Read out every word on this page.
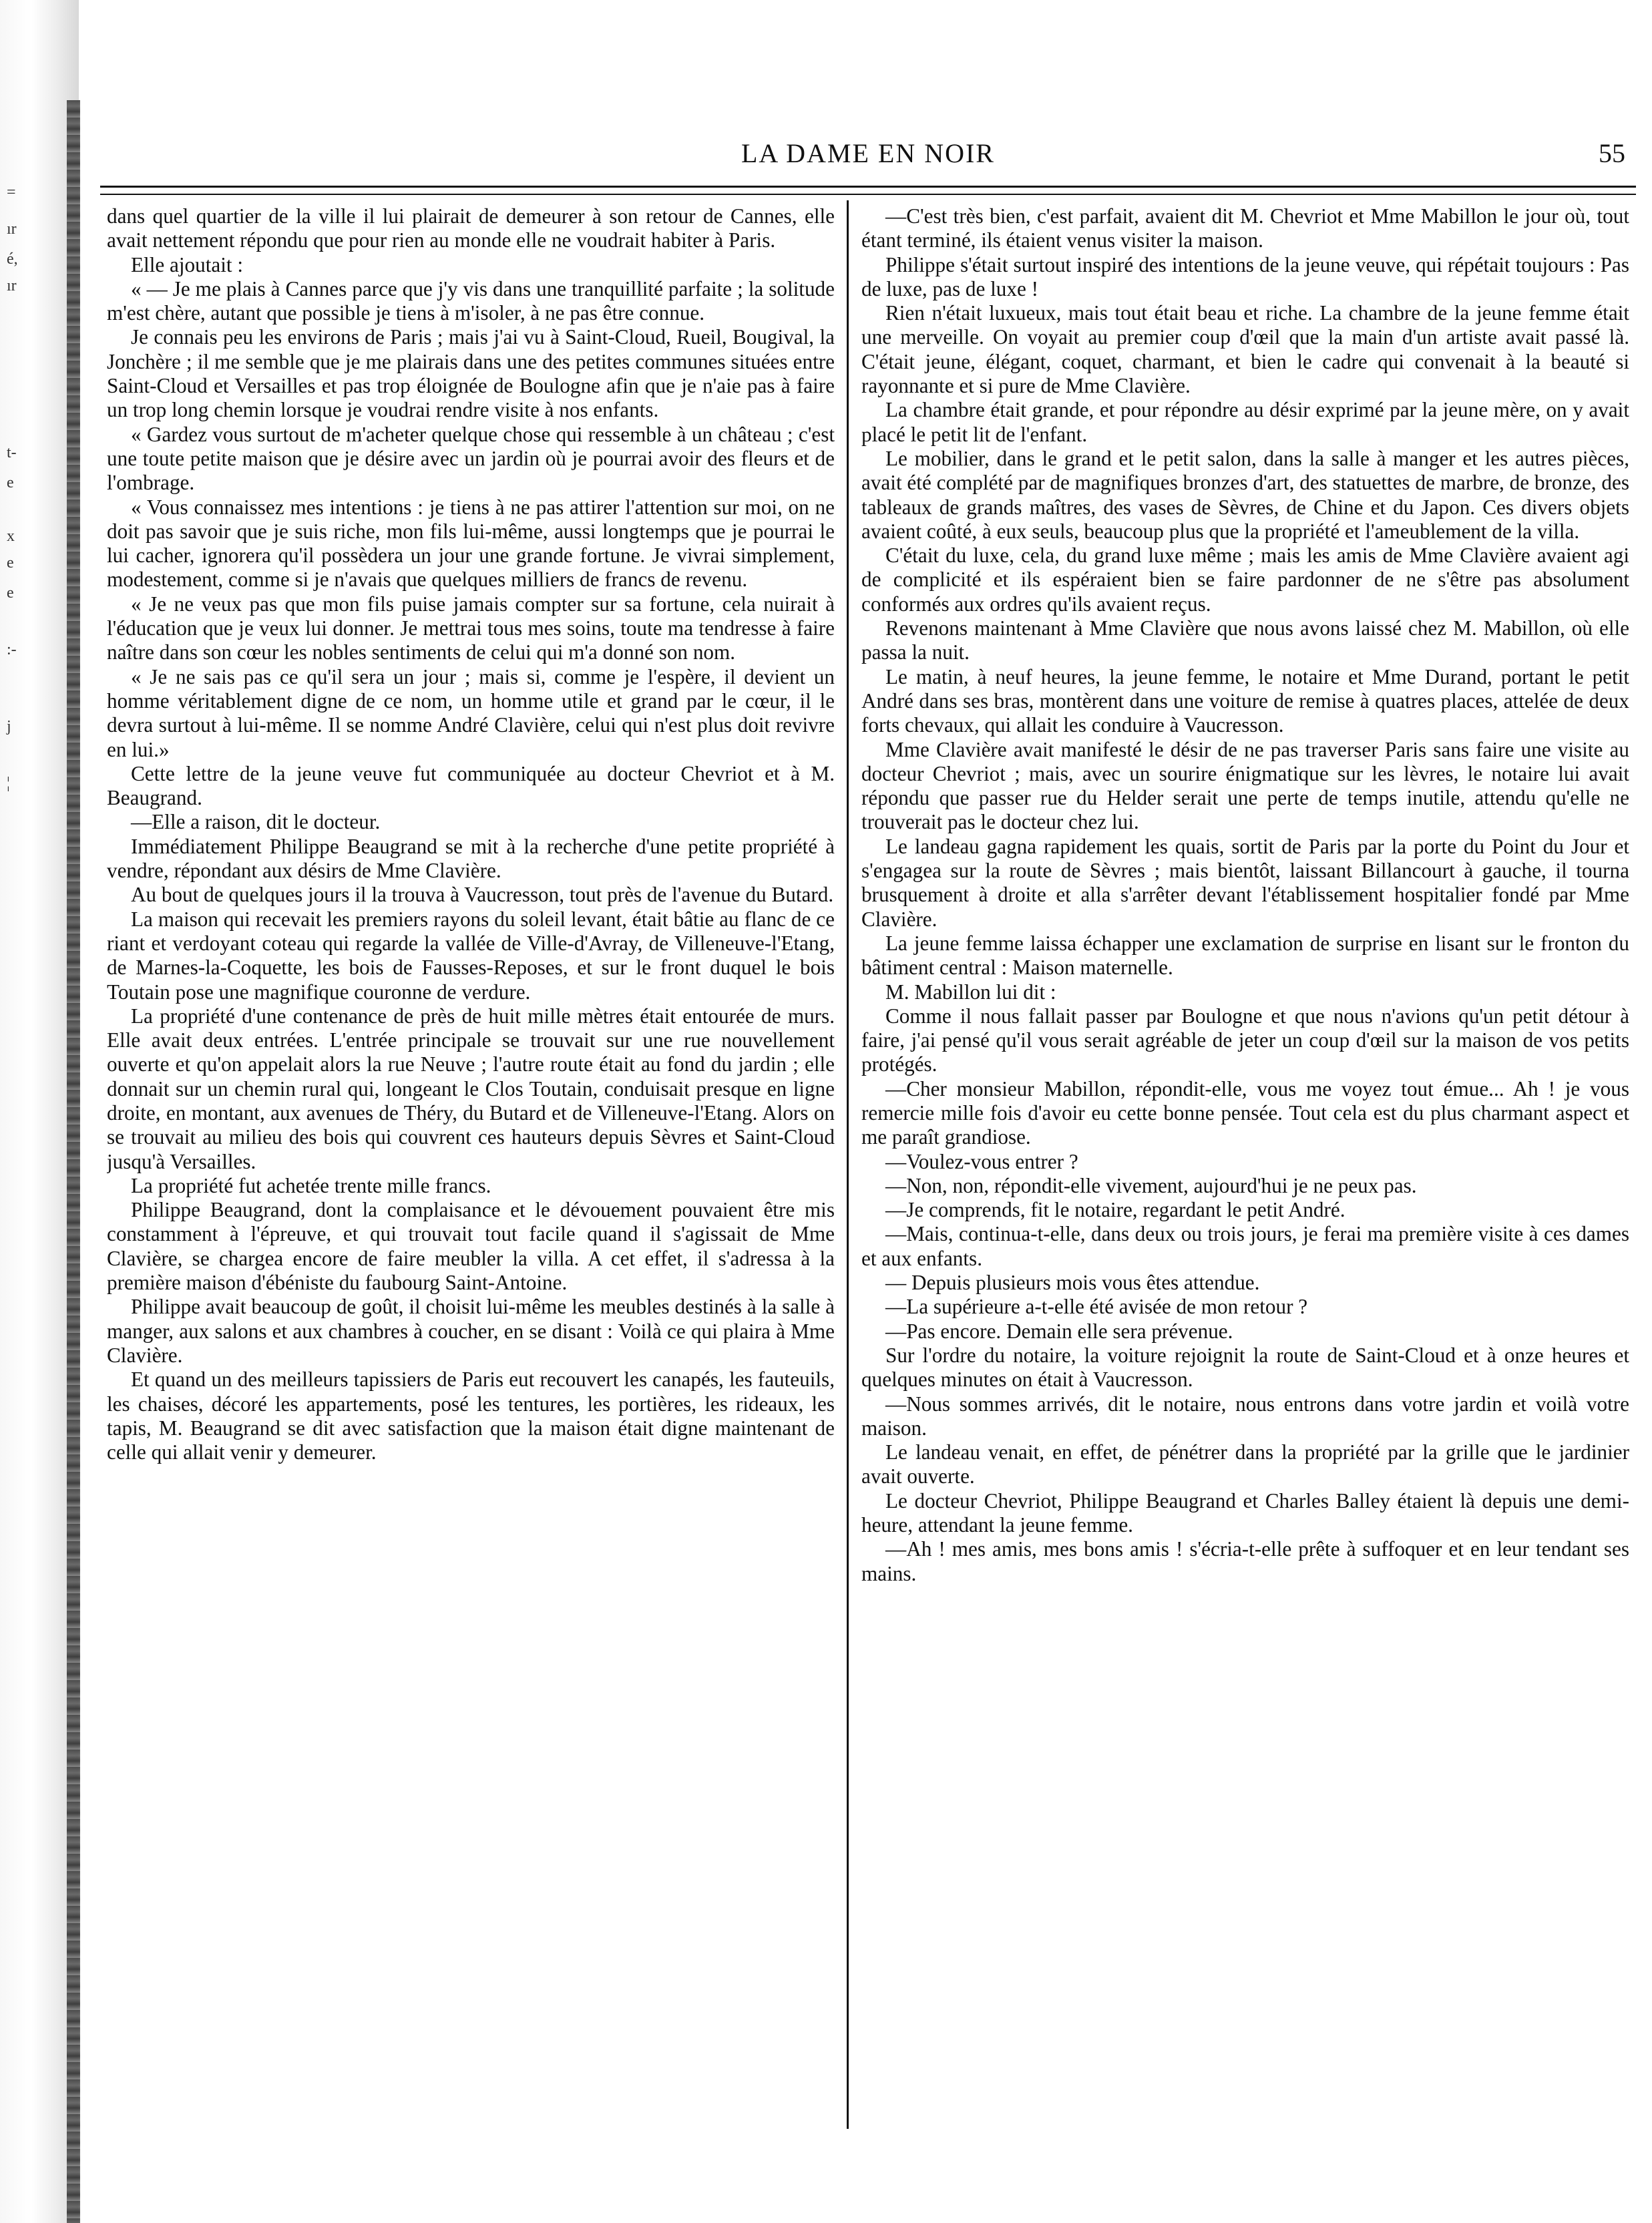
=
ır
é,
ır
t-
e
x
e
e
:-
j
¦
LA DAME EN NOIR	55

dans quel quartier de la ville il lui plairait de demeurer à son retour de Cannes, elle avait nettement répondu que pour rien au monde elle ne voudrait habiter à Paris.

Elle ajoutait :

« — Je me plais à Cannes parce que j'y vis dans une tranquillité parfaite ; la solitude m'est chère, autant que possible je tiens à m'isoler, à ne pas être connue.

Je connais peu les environs de Paris ; mais j'ai vu à Saint-Cloud, Rueil, Bougival, la Jonchère ; il me semble que je me plairais dans une des petites communes situées entre Saint-Cloud et Versailles et pas trop éloignée de Boulogne afin que je n'aie pas à faire un trop long chemin lorsque je voudrai rendre visite à nos enfants.

« Gardez vous surtout de m'acheter quelque chose qui ressemble à un château ; c'est une toute petite maison que je désire avec un jardin où je pourrai avoir des fleurs et de l'ombrage.

« Vous connaissez mes intentions : je tiens à ne pas attirer l'attention sur moi, on ne doit pas savoir que je suis riche, mon fils lui-même, aussi longtemps que je pourrai le lui cacher, ignorera qu'il possèdera un jour une grande fortune. Je vivrai simplement, modestement, comme si je n'avais que quelques milliers de francs de revenu.

« Je ne veux pas que mon fils puise jamais compter sur sa fortune, cela nuirait à l'éducation que je veux lui donner. Je mettrai tous mes soins, toute ma tendresse à faire naître dans son cœur les nobles sentiments de celui qui m'a donné son nom.

« Je ne sais pas ce qu'il sera un jour ; mais si, comme je l'espère, il devient un homme véritablement digne de ce nom, un homme utile et grand par le cœur, il le devra surtout à lui-même. Il se nomme André Clavière, celui qui n'est plus doit revivre en lui.»

Cette lettre de la jeune veuve fut communiquée au docteur Chevriot et à M. Beaugrand.

—Elle a raison, dit le docteur.

Immédiatement Philippe Beaugrand se mit à la recherche d'une petite propriété à vendre, répondant aux désirs de Mme Clavière.

Au bout de quelques jours il la trouva à Vaucresson, tout près de l'avenue du Butard.

La maison qui recevait les premiers rayons du soleil levant, était bâtie au flanc de ce riant et verdoyant coteau qui regarde la vallée de Ville-d'Avray, de Villeneuve-l'Etang, de Marnes-la-Coquette, les bois de Fausses-Reposes, et sur le front duquel le bois Toutain pose une magnifique couronne de verdure.

La propriété d'une contenance de près de huit mille mètres était entourée de murs. Elle avait deux entrées. L'entrée principale se trouvait sur une rue nouvellement ouverte et qu'on appelait alors la rue Neuve ; l'autre route était au fond du jardin ; elle donnait sur un chemin rural qui, longeant le Clos Toutain, conduisait presque en ligne droite, en montant, aux avenues de Théry, du Butard et de Villeneuve-l'Etang. Alors on se trouvait au milieu des bois qui couvrent ces hauteurs depuis Sèvres et Saint-Cloud jusqu'à Versailles.

La propriété fut achetée trente mille francs.

Philippe Beaugrand, dont la complaisance et le dévouement pouvaient être mis constamment à l'épreuve, et qui trouvait tout facile quand il s'agissait de Mme Clavière, se chargea encore de faire meubler la villa. A cet effet, il s'adressa à la première maison d'ébéniste du faubourg Saint-Antoine.

Philippe avait beaucoup de goût, il choisit lui-même les meubles destinés à la salle à manger, aux salons et aux chambres à coucher, en se disant : Voilà ce qui plaira à Mme Clavière.

Et quand un des meilleurs tapissiers de Paris eut recouvert les canapés, les fauteuils, les chaises, décoré les appartements, posé les tentures, les portières, les rideaux, les tapis, M. Beaugrand se dit avec satisfaction que la maison était digne maintenant de celle qui allait venir y demeurer.

—C'est très bien, c'est parfait, avaient dit M. Chevriot et Mme Mabillon le jour où, tout étant terminé, ils étaient venus visiter la maison.

Philippe s'était surtout inspiré des intentions de la jeune veuve, qui répétait toujours : Pas de luxe, pas de luxe !

Rien n'était luxueux, mais tout était beau et riche. La chambre de la jeune femme était une merveille. On voyait au premier coup d'œil que la main d'un artiste avait passé là. C'était jeune, élégant, coquet, charmant, et bien le cadre qui convenait à la beauté si rayonnante et si pure de Mme Clavière.

La chambre était grande, et pour répondre au désir exprimé par la jeune mère, on y avait placé le petit lit de l'enfant.

Le mobilier, dans le grand et le petit salon, dans la salle à manger et les autres pièces, avait été complété par de magnifiques bronzes d'art, des statuettes de marbre, de bronze, des tableaux de grands maîtres, des vases de Sèvres, de Chine et du Japon. Ces divers objets avaient coûté, à eux seuls, beaucoup plus que la propriété et l'ameublement de la villa.

C'était du luxe, cela, du grand luxe même ; mais les amis de Mme Clavière avaient agi de complicité et ils espéraient bien se faire pardonner de ne s'être pas absolument conformés aux ordres qu'ils avaient reçus.

Revenons maintenant à Mme Clavière que nous avons laissé chez M. Mabillon, où elle passa la nuit.

Le matin, à neuf heures, la jeune femme, le notaire et Mme Durand, portant le petit André dans ses bras, montèrent dans une voiture de remise à quatres places, attelée de deux forts chevaux, qui allait les conduire à Vaucresson.

Mme Clavière avait manifesté le désir de ne pas traverser Paris sans faire une visite au docteur Chevriot ; mais, avec un sourire énigmatique sur les lèvres, le notaire lui avait répondu que passer rue du Helder serait une perte de temps inutile, attendu qu'elle ne trouverait pas le docteur chez lui.

Le landeau gagna rapidement les quais, sortit de Paris par la porte du Point du Jour et s'engagea sur la route de Sèvres ; mais bientôt, laissant Billancourt à gauche, il tourna brusquement à droite et alla s'arrêter devant l'établissement hospitalier fondé par Mme Clavière.

La jeune femme laissa échapper une exclamation de surprise en lisant sur le fronton du bâtiment central : Maison maternelle.

M. Mabillon lui dit :

Comme il nous fallait passer par Boulogne et que nous n'avions qu'un petit détour à faire, j'ai pensé qu'il vous serait agréable de jeter un coup d'œil sur la maison de vos petits protégés.

—Cher monsieur Mabillon, répondit-elle, vous me voyez tout émue... Ah ! je vous remercie mille fois d'avoir eu cette bonne pensée. Tout cela est du plus charmant aspect et me paraît grandiose.

—Voulez-vous entrer ?

—Non, non, répondit-elle vivement, aujourd'hui je ne peux pas.

—Je comprends, fit le notaire, regardant le petit André.

—Mais, continua-t-elle, dans deux ou trois jours, je ferai ma première visite à ces dames et aux enfants.

— Depuis plusieurs mois vous êtes attendue.

—La supérieure a-t-elle été avisée de mon retour ?

—Pas encore. Demain elle sera prévenue.

Sur l'ordre du notaire, la voiture rejoignit la route de Saint-Cloud et à onze heures et quelques minutes on était à Vaucresson.

—Nous sommes arrivés, dit le notaire, nous entrons dans votre jardin et voilà votre maison.

Le landeau venait, en effet, de pénétrer dans la propriété par la grille que le jardinier avait ouverte.

Le docteur Chevriot, Philippe Beaugrand et Charles Balley étaient là depuis une demi-heure, attendant la jeune femme.

—Ah ! mes amis, mes bons amis ! s'écria-t-elle prête à suffoquer et en leur tendant ses mains.
